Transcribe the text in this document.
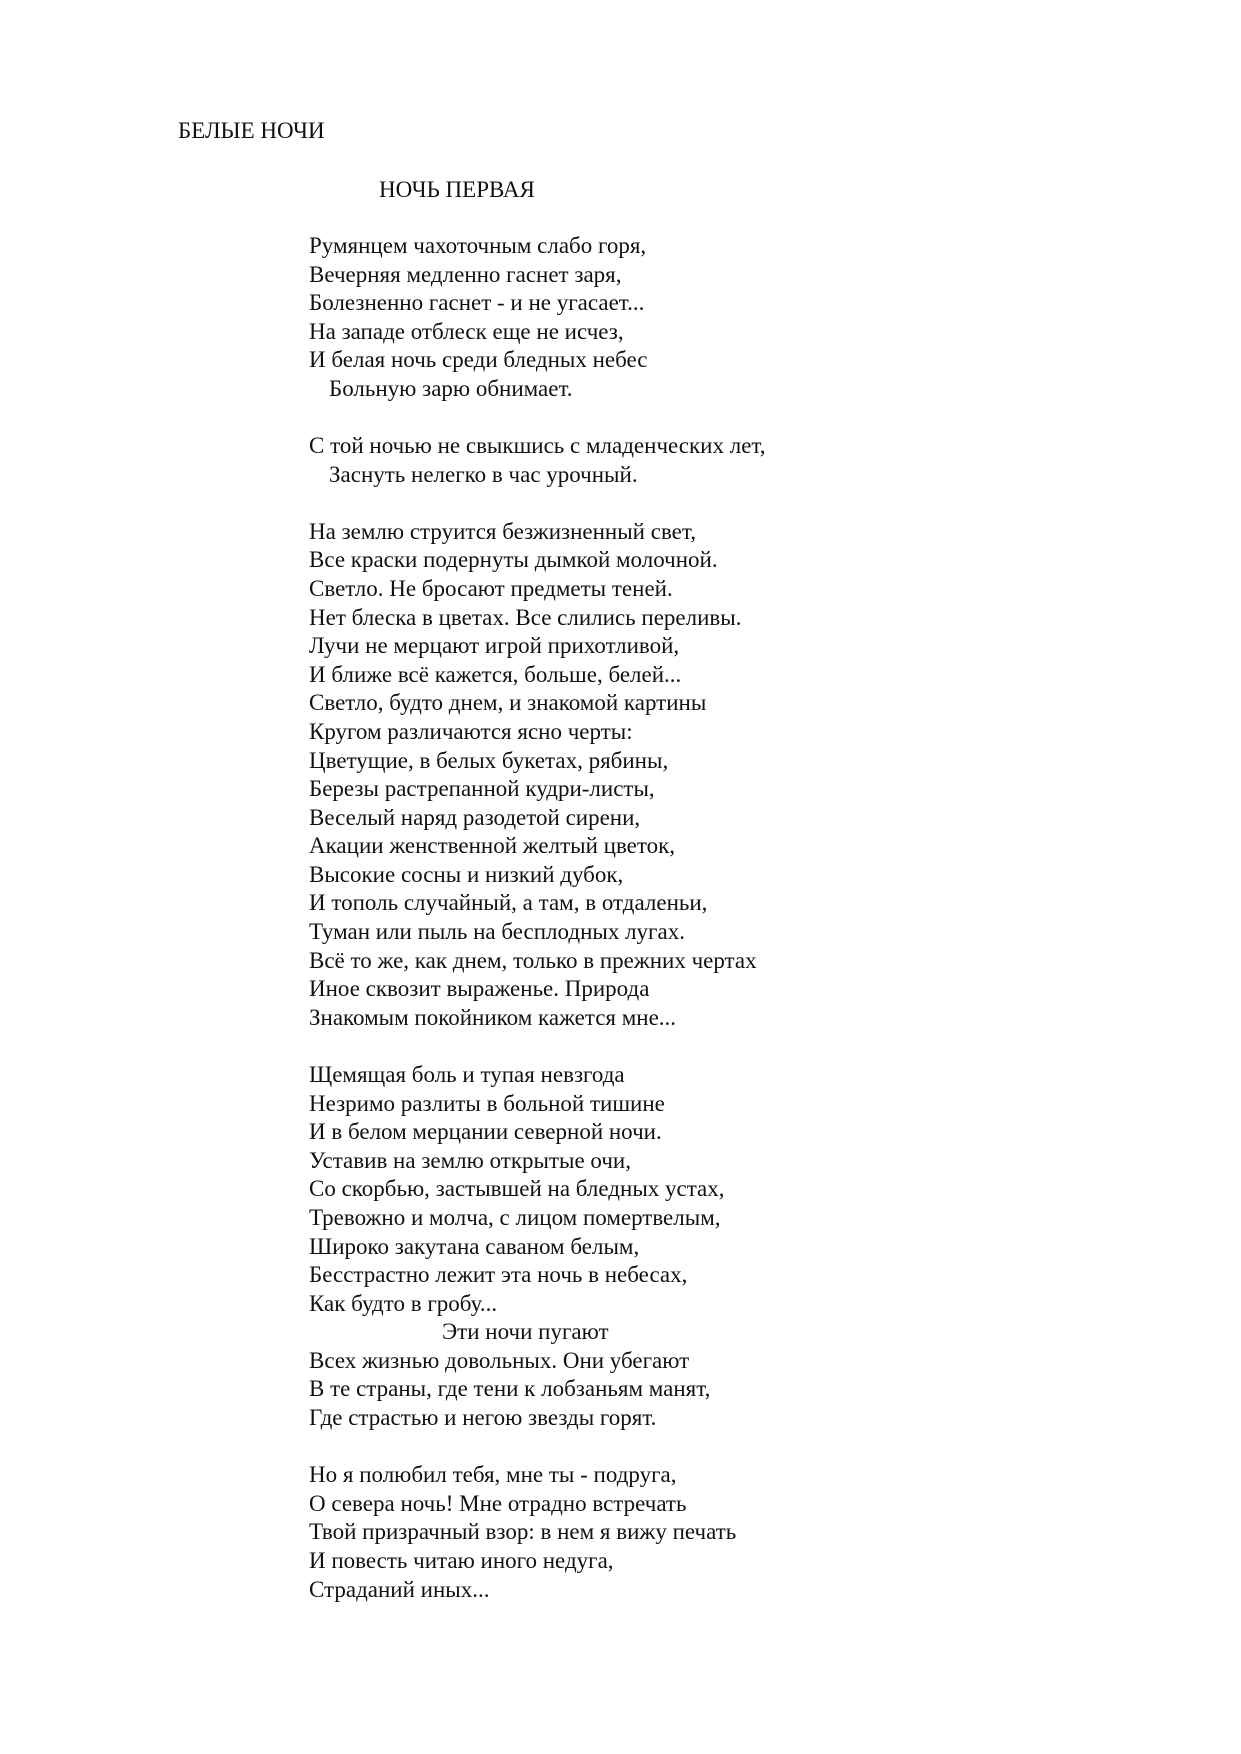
БЕЛЫЕ НОЧИ
НОЧЬ ПЕРВАЯ
Румянцем чахоточным слабо горя,
Вечерняя медленно гаснет заря,
Болезненно гаснет - и не угасает...
На западе отблеск еще не исчез,
И белая ночь среди бледных небес
Больную зарю обнимает.
С той ночью не свыкшись с младенческих лет,
Заснуть нелегко в час урочный.
На землю струится безжизненный свет,
Все краски подернуты дымкой молочной.
Светло. Не бросают предметы теней.
Нет блеска в цветах. Все слились переливы.
Лучи не мерцают игрой прихотливой,
И ближе всё кажется, больше, белей...
Светло, будто днем, и знакомой картины
Кругом различаются ясно черты:
Цветущие, в белых букетах, рябины,
Березы растрепанной кудри-листы,
Веселый наряд разодетой сирени,
Акации женственной желтый цветок,
Высокие сосны и низкий дубок,
И тополь случайный, а там, в отдаленьи,
Туман или пыль на бесплодных лугах.
Всё то же, как днем, только в прежних чертах
Иное сквозит выраженье. Природа
Знакомым покойником кажется мне...
Щемящая боль и тупая невзгода
Незримо разлиты в больной тишине
И в белом мерцании северной ночи.
Уставив на землю открытые очи,
Со скорбью, застывшей на бледных устах,
Тревожно и молча, с лицом помертвелым,
Широко закутана саваном белым,
Бесстрастно лежит эта ночь в небесах,
Как будто в гробу...
Эти ночи пугают
Всех жизнью довольных. Они убегают
В те страны, где тени к лобзаньям манят,
Где страстью и негою звезды горят.
Но я полюбил тебя, мне ты - подруга,
О севера ночь! Мне отрадно встречать
Твой призрачный взор: в нем я вижу печать
И повесть читаю иного недуга,
Страданий иных...
